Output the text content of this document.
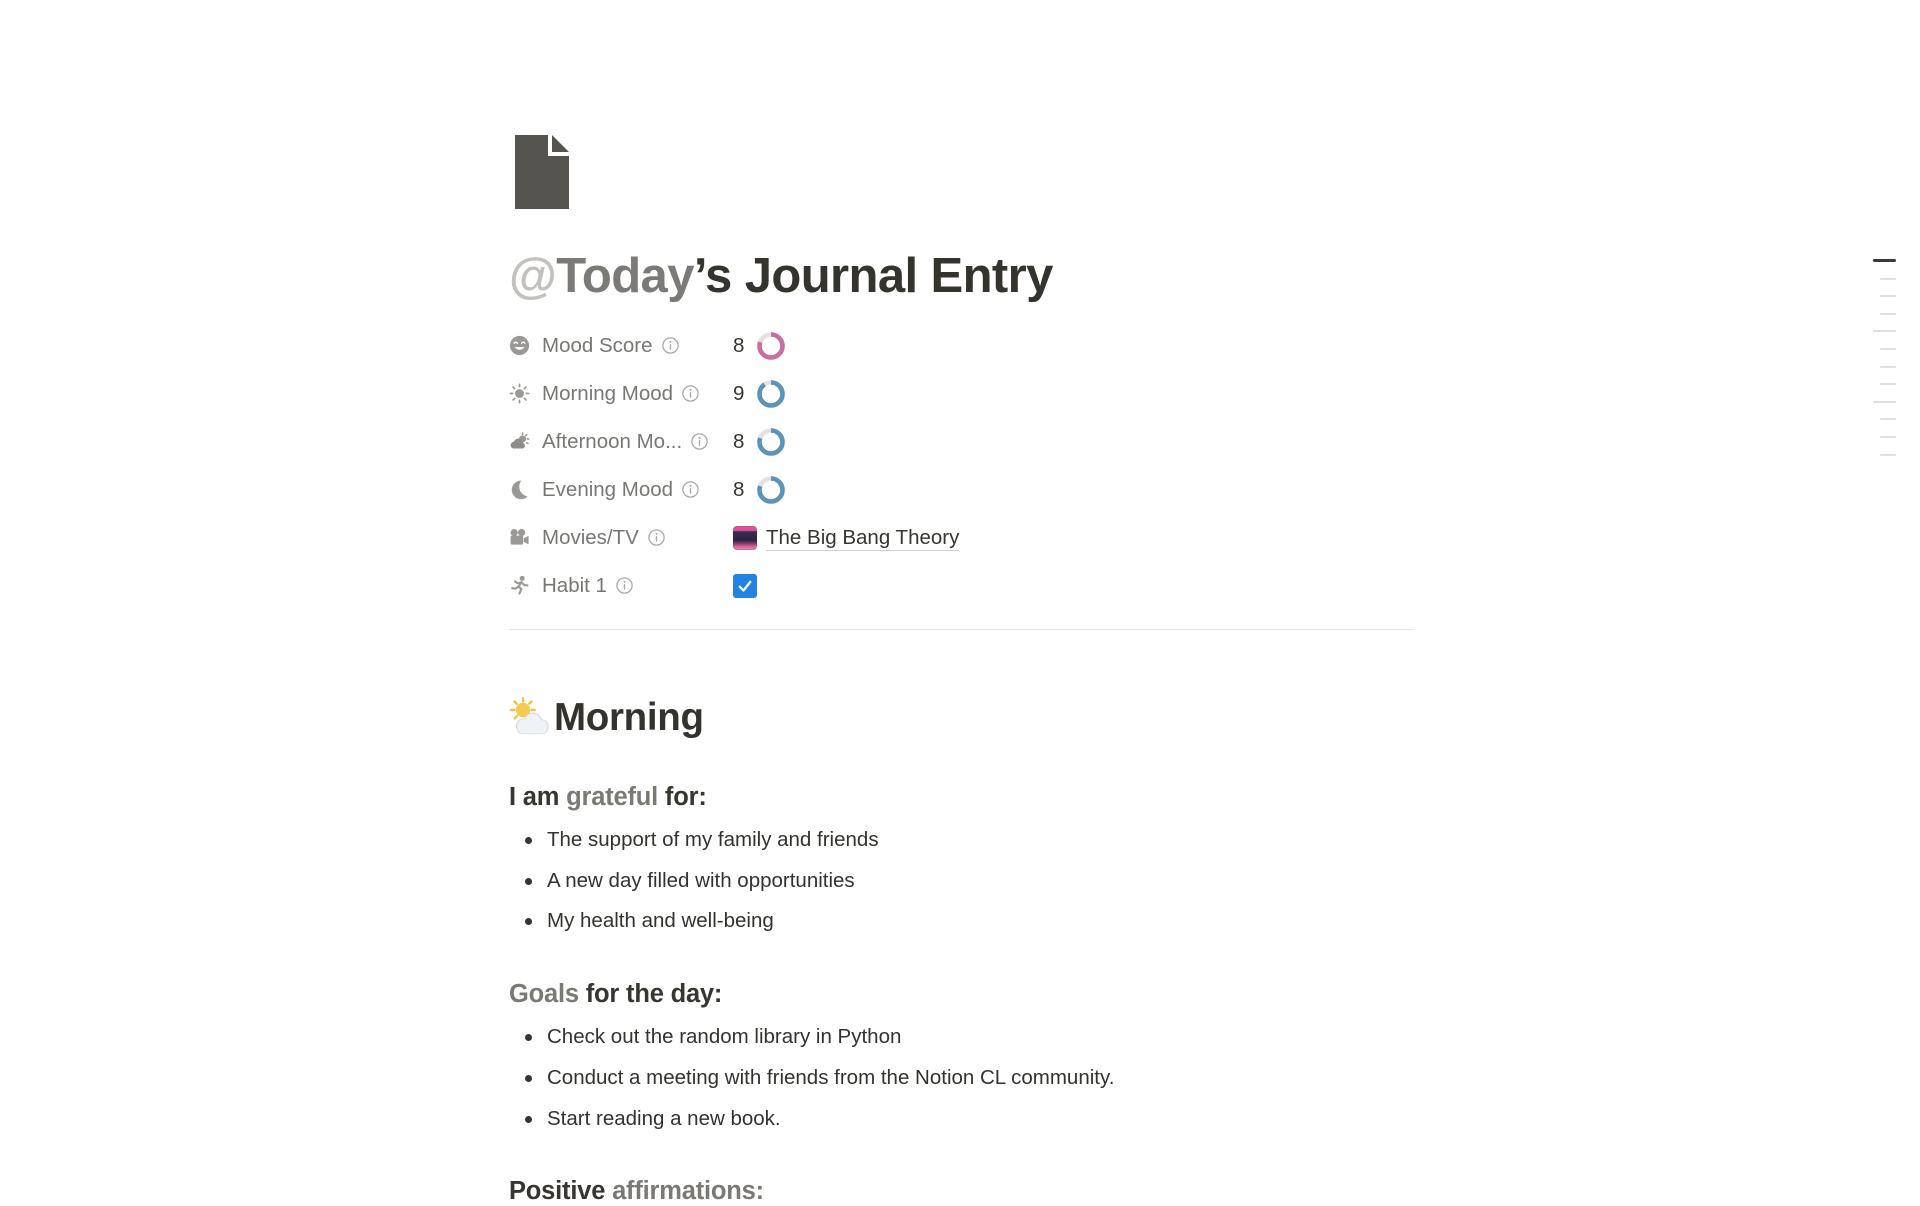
@Today’s Journal Entry
Mood Score	8
Morning Mood	9
Afternoon Mo... 8
Evening Mood	8
Movies/TV	The Big Bang Theory
Habit 1
Morning
I am grateful for:
The support of my family and friends
A new day filled with opportunities
My health and well-being
Goals for the day:
Check out the random library in Python
Conduct a meeting with friends from the Notion CL community.
Start reading a new book.
Positive affirmations:
